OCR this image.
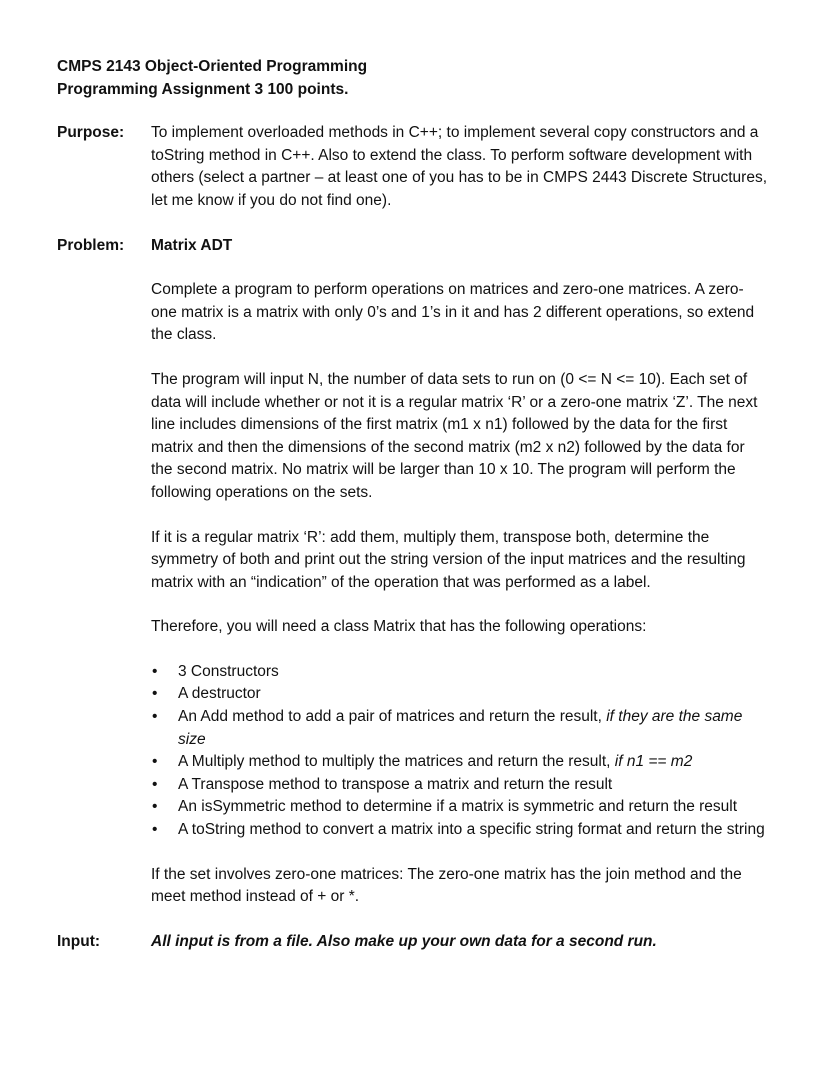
CMPS 2143 Object-Oriented Programming
Programming Assignment 3 100 points.
Purpose:	To implement overloaded methods in C++; to implement several copy constructors and a toString method in C++. Also to extend the class. To perform software development with others (select a partner – at least one of you has to be in CMPS 2443 Discrete Structures, let me know if you do not find one).

Problem:	Matrix ADT

Complete a program to perform operations on matrices and zero-one matrices. A zero-one matrix is a matrix with only 0’s and 1’s in it and has 2 different operations, so extend the class.

The program will input N, the number of data sets to run on (0 <= N <= 10). Each set of data will include whether or not it is a regular matrix ‘R’ or a zero-one matrix ‘Z’. The next line includes dimensions of the first matrix (m1 x n1) followed by the data for the first matrix and then the dimensions of the second matrix (m2 x n2) followed by the data for the second matrix. No matrix will be larger than 10 x 10. The program will perform the following operations on the sets.

If it is a regular matrix ‘R’: add them, multiply them, transpose both, determine the symmetry of both and print out the string version of the input matrices and the resulting matrix with an “indication” of the operation that was performed as a label.

Therefore, you will need a class Matrix that has the following operations:

• 3 Constructors
• A destructor
• An Add method to add a pair of matrices and return the result, if they are the same size
• A Multiply method to multiply the matrices and return the result, if n1 == m2
• A Transpose method to transpose a matrix and return the result
• An isSymmetric method to determine if a matrix is symmetric and return the result
• A toString method to convert a matrix into a specific string format and return the string

If the set involves zero-one matrices: The zero-one matrix has the join method and the meet method instead of + or *.

Input:	All input is from a file. Also make up your own data for a second run.
